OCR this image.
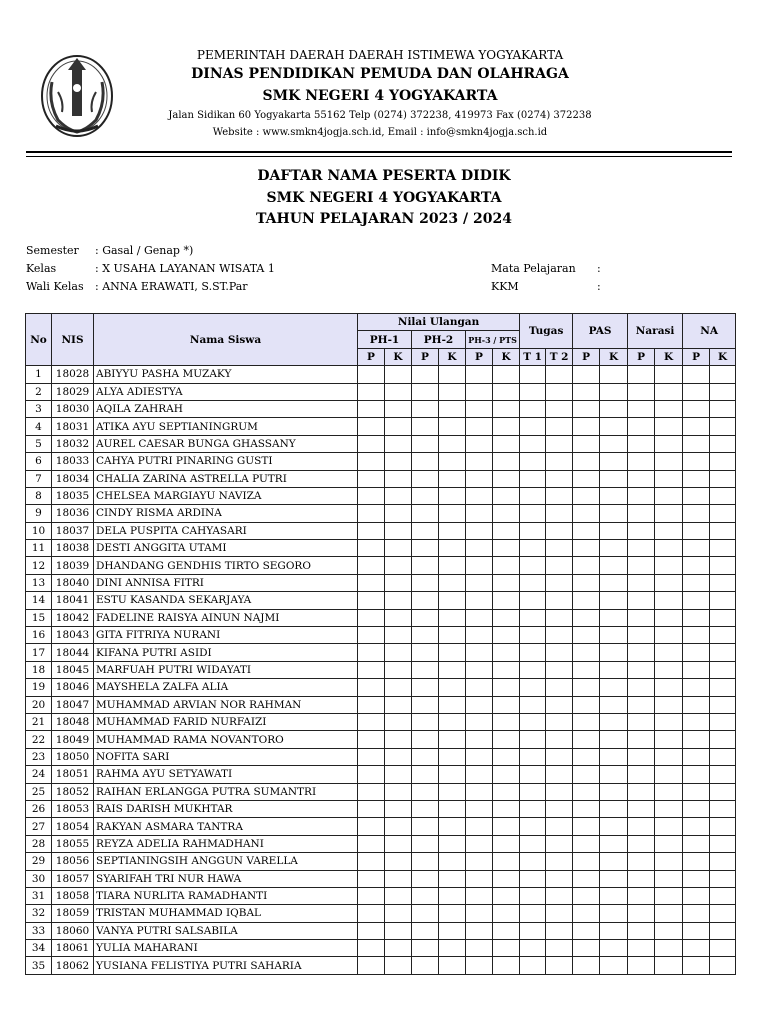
PEMERINTAH DAERAH DAERAH ISTIMEWA YOGYAKARTA
DINAS PENDIDIKAN PEMUDA DAN OLAHRAGA
SMK NEGERI 4 YOGYAKARTA
Jalan Sidikan 60 Yogyakarta 55162 Telp (0274) 372238, 419973 Fax (0274) 372238
Website : www.smkn4jogja.sch.id, Email : info@smkn4jogja.sch.id
DAFTAR NAMA PESERTA DIDIK
SMK NEGERI 4 YOGYAKARTA
TAHUN PELAJARAN 2023 / 2024
Semester : Gasal / Genap *)
Kelas	: X USAHA LAYANAN WISATA 1
Wali Kelas : ANNA ERAWATI, S.ST.Par
Mata Pelajaran :
KKM	:
No	NIS	Nama Siswa	Nilai Ulangan						Tugas		PAS		Narasi		NA	
			PH-1		PH-2		PH-3 / PTS									
			P	K	P	K	P	K	T 1	T 2	P	K	P	K	P	K
1	18028	ABIYYU PASHA MUZAKY														
2	18029	ALYA ADIESTYA														
3	18030	AQILA ZAHRAH														
4	18031	ATIKA AYU SEPTIANINGRUM														
5	18032	AUREL CAESAR BUNGA GHASSANY														
6	18033	CAHYA PUTRI PINARING GUSTI														
7	18034	CHALIA ZARINA ASTRELLA PUTRI														
8	18035	CHELSEA MARGIAYU NAVIZA														
9	18036	CINDY RISMA ARDINA														
10	18037	DELA PUSPITA CAHYASARI														
11	18038	DESTI ANGGITA UTAMI														
12	18039	DHANDANG GENDHIS TIRTO SEGORO														
13	18040	DINI ANNISA FITRI														
14	18041	ESTU KASANDA SEKARJAYA														
15	18042	FADELINE RAISYA AINUN NAJMI														
16	18043	GITA FITRIYA NURANI														
17	18044	KIFANA PUTRI ASIDI														
18	18045	MARFUAH PUTRI WIDAYATI														
19	18046	MAYSHELA ZALFA ALIA														
20	18047	MUHAMMAD ARVIAN NOR RAHMAN														
21	18048	MUHAMMAD FARID NURFAIZI														
22	18049	MUHAMMAD RAMA NOVANTORO														
23	18050	NOFITA SARI														
24	18051	RAHMA AYU SETYAWATI														
25	18052	RAIHAN ERLANGGA PUTRA SUMANTRI														
26	18053	RAIS DARISH MUKHTAR														
27	18054	RAKYAN ASMARA TANTRA														
28	18055	REYZA ADELIA RAHMADHANI														
29	18056	SEPTIANINGSIH ANGGUN VARELLA														
30	18057	SYARIFAH TRI NUR HAWA														
31	18058	TIARA NURLITA RAMADHANTI														
32	18059	TRISTAN MUHAMMAD IQBAL														
33	18060	VANYA PUTRI SALSABILA														
34	18061	YULIA MAHARANI														
35	18062	YUSIANA FELISTIYA PUTRI SAHARIA														
